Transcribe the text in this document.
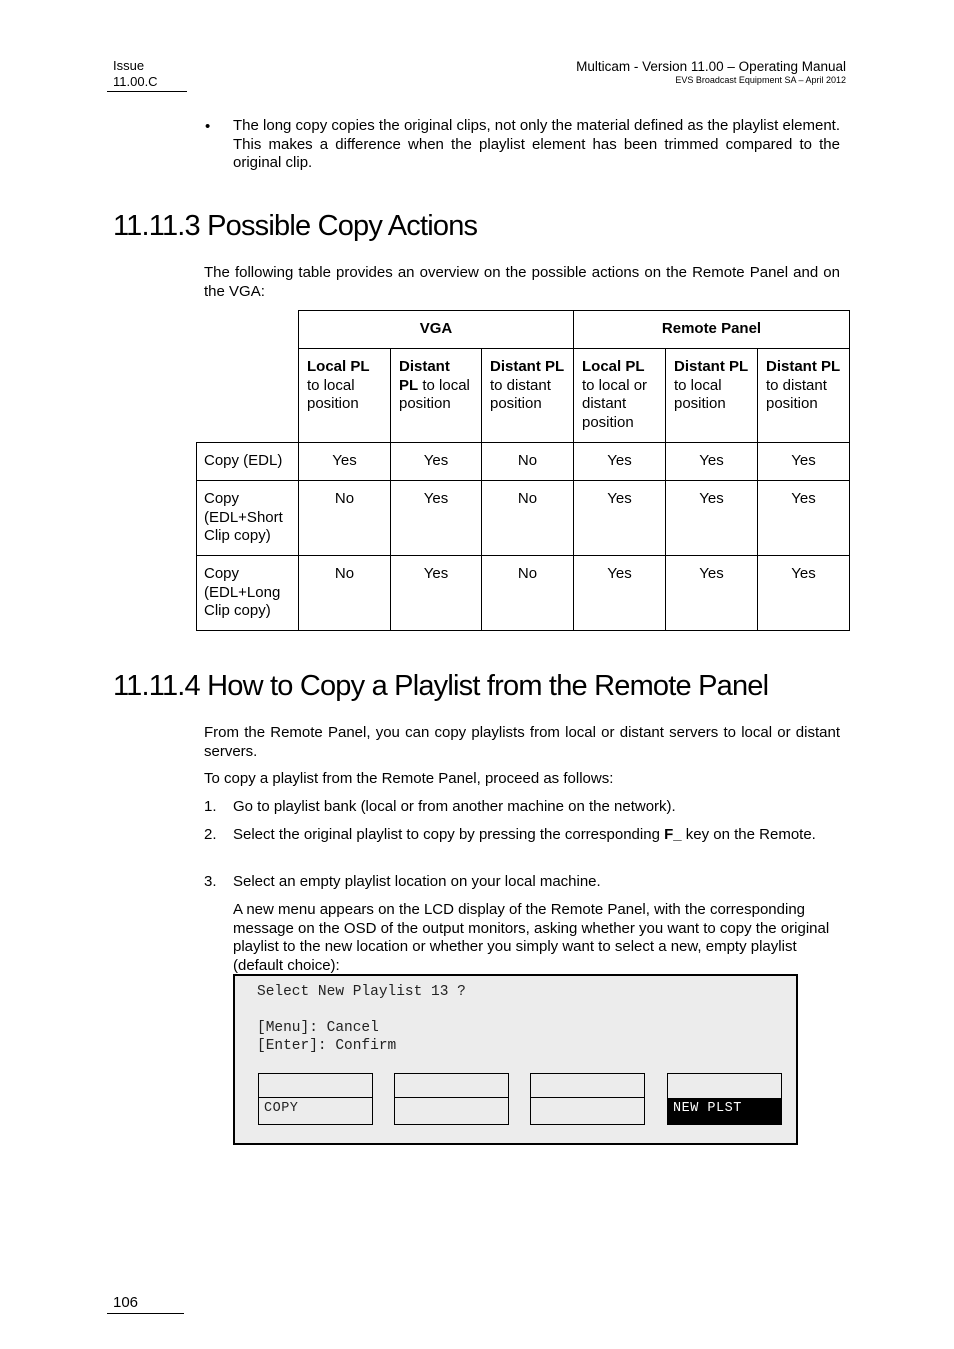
Issue
11.00.C
Multicam - Version 11.00 – Operating Manual
EVS Broadcast Equipment SA – April 2012
• The long copy copies the original clips, not only the material defined as the playlist element. This makes a difference when the playlist element has been trimmed compared to the original clip.
11.11.3 Possible Copy Actions
The following table provides an overview on the possible actions on the Remote Panel and on the VGA:
	VGA			Remote Panel		
	Local PL to local position	Distant PL to local position	Distant PL to distant position	Local PL to local or distant position	Distant PL to local position	Distant PL to distant position
Copy (EDL)	Yes	Yes	No	Yes	Yes	Yes
Copy (EDL+Short Clip copy)	No	Yes	No	Yes	Yes	Yes
Copy (EDL+Long Clip copy)	No	Yes	No	Yes	Yes	Yes
11.11.4 How to Copy a Playlist from the Remote Panel
From the Remote Panel, you can copy playlists from local or distant servers to local or distant servers.
To copy a playlist from the Remote Panel, proceed as follows:
1. Go to playlist bank (local or from another machine on the network).
2. Select the original playlist to copy by pressing the corresponding F_ key on the Remote.
3. Select an empty playlist location on your local machine.
A new menu appears on the LCD display of the Remote Panel, with the corresponding message on the OSD of the output monitors, asking whether you want to copy the original playlist to the new location or whether you simply want to select a new, empty playlist (default choice):
Select New Playlist 13 ?
[Menu]: Cancel
[Enter]: Confirm
COPY	NEW PLST
106
